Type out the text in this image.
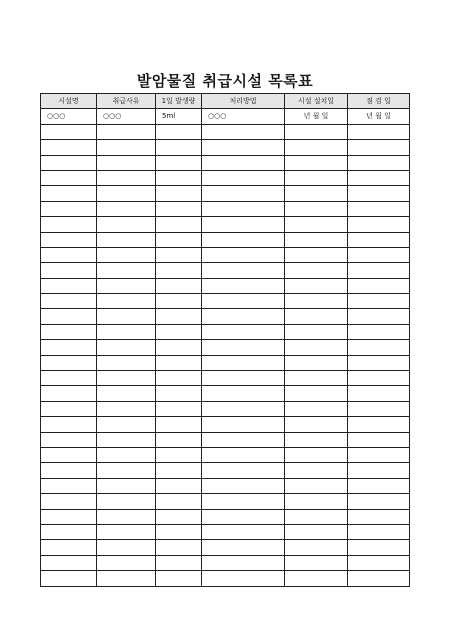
발암물질 취급시설 목록표
시설명	취급사유	1일 발생량	처리방법	시설 설치일	점 검 일
○○○	○○○	5ml	○○○	년 월 일	년 월 일
